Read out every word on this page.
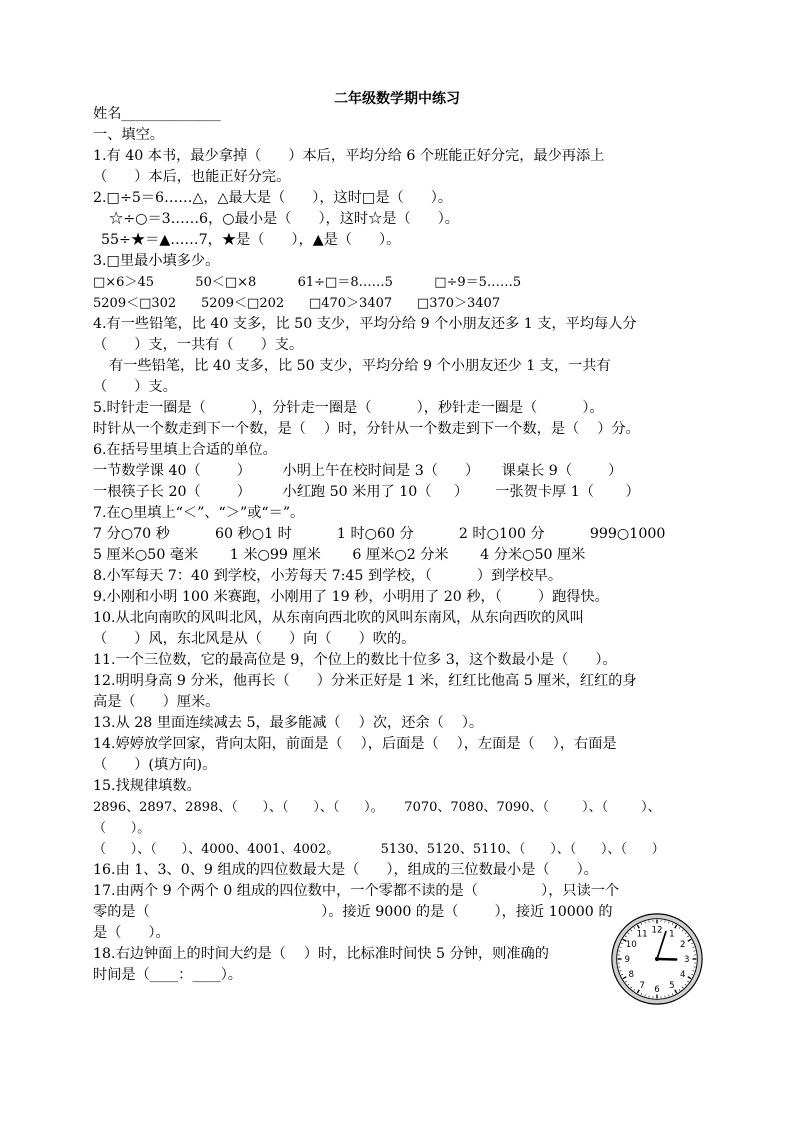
二年级数学期中练习
姓名______________
一、填空。
1.有 40 本书，最少拿掉（      ）本后，平均分给 6 个班能正好分完，最少再添上
（      ）本后，也能正好分完。
2.□÷5＝6……△，△最大是（      ），这时□是（      ）。
☆÷○＝3……6，○最小是（      ），这时☆是（      ）。
55÷★＝▲……7，★是（      ），▲是（      ）。
3.□里最小填多少。
□×6＞45          50＜□×8          61÷□＝8……5          □÷9＝5……5
5209＜□302      5209＜□202      □470＞3407      □370＞3407
4.有一些铅笔，比 40 支多，比 50 支少，平均分给 9 个小朋友还多 1 支，平均每人分
（      ）支，一共有（      ）支。
有一些铅笔，比 40 支多，比 50 支少，平均分给 9 个小朋友还少 1 支，一共有
（      ）支。
5.时针走一圈是（          ），分针走一圈是（          ），秒针走一圈是（          ）。
时针从一个数走到下一个数，是（    ）时，分针从一个数走到下一个数，是（    ）分。
6.在括号里填上合适的单位。
一节数学课 40（        ）       小明上午在校时间是 3（      ）     课桌长 9（        ）
一根筷子长 20（        ）       小红跑 50 米用了 10（     ）      一张贺卡厚 1（       ）
7.在○里填上“＜”、“＞”或“＝”。
7 分○70 秒          60 秒○1 时          1 时○60 分          2 时○100 分          999○1000
5 厘米○50 毫米       1 米○99 厘米       6 厘米○2 分米       4 分米○50 厘米
8.小军每天 7：40 到学校，小芳每天 7:45 到学校，（          ）到学校早。
9.小刚和小明 100 米赛跑，小刚用了 19 秒，小明用了 20 秒，（        ）跑得快。
10.从北向南吹的风叫北风，从东南向西北吹的风叫东南风，从东向西吹的风叫
（      ）风，东北风是从（      ）向（      ）吹的。
11.一个三位数，它的最高位是 9，个位上的数比十位多 3，这个数最小是（      ）。
12.明明身高 9 分米，他再长（      ）分米正好是 1 米，红红比他高 5 厘米，红红的身
高是（      ）厘米。
13.从 28 里面连续减去 5，最多能减（    ）次，还余（    ）。
14.婷婷放学回家，背向太阳，前面是（    ），后面是（    ），左面是（    ），右面是
（      ）(填方向)。
15.找规律填数。
2896、2897、2898、（      ）、（      ）、（      ）。     7070、7080、7090、（        ）、（        ）、
（      ）。
（      ）、（      ）、4000、4001、4002。          5130、5120、5110、（      ）、（      ）、（      ）
16.由 1、3、0、9 组成的四位数最大是（      ），组成的三位数最小是（      ）。
17.由两个 9 个两个 0 组成的四位数中，一个零都不读的是（              ），只读一个
零的是（                                      ）。接近 9000 的是（        ），接近 10000 的
是（      ）。
18.右边钟面上的时间大约是（    ）时，比标准时间快 5 分钟，则准确的
时间是（____：____）。
12 1
2
3
4
5
6
7
8
9
10
11
